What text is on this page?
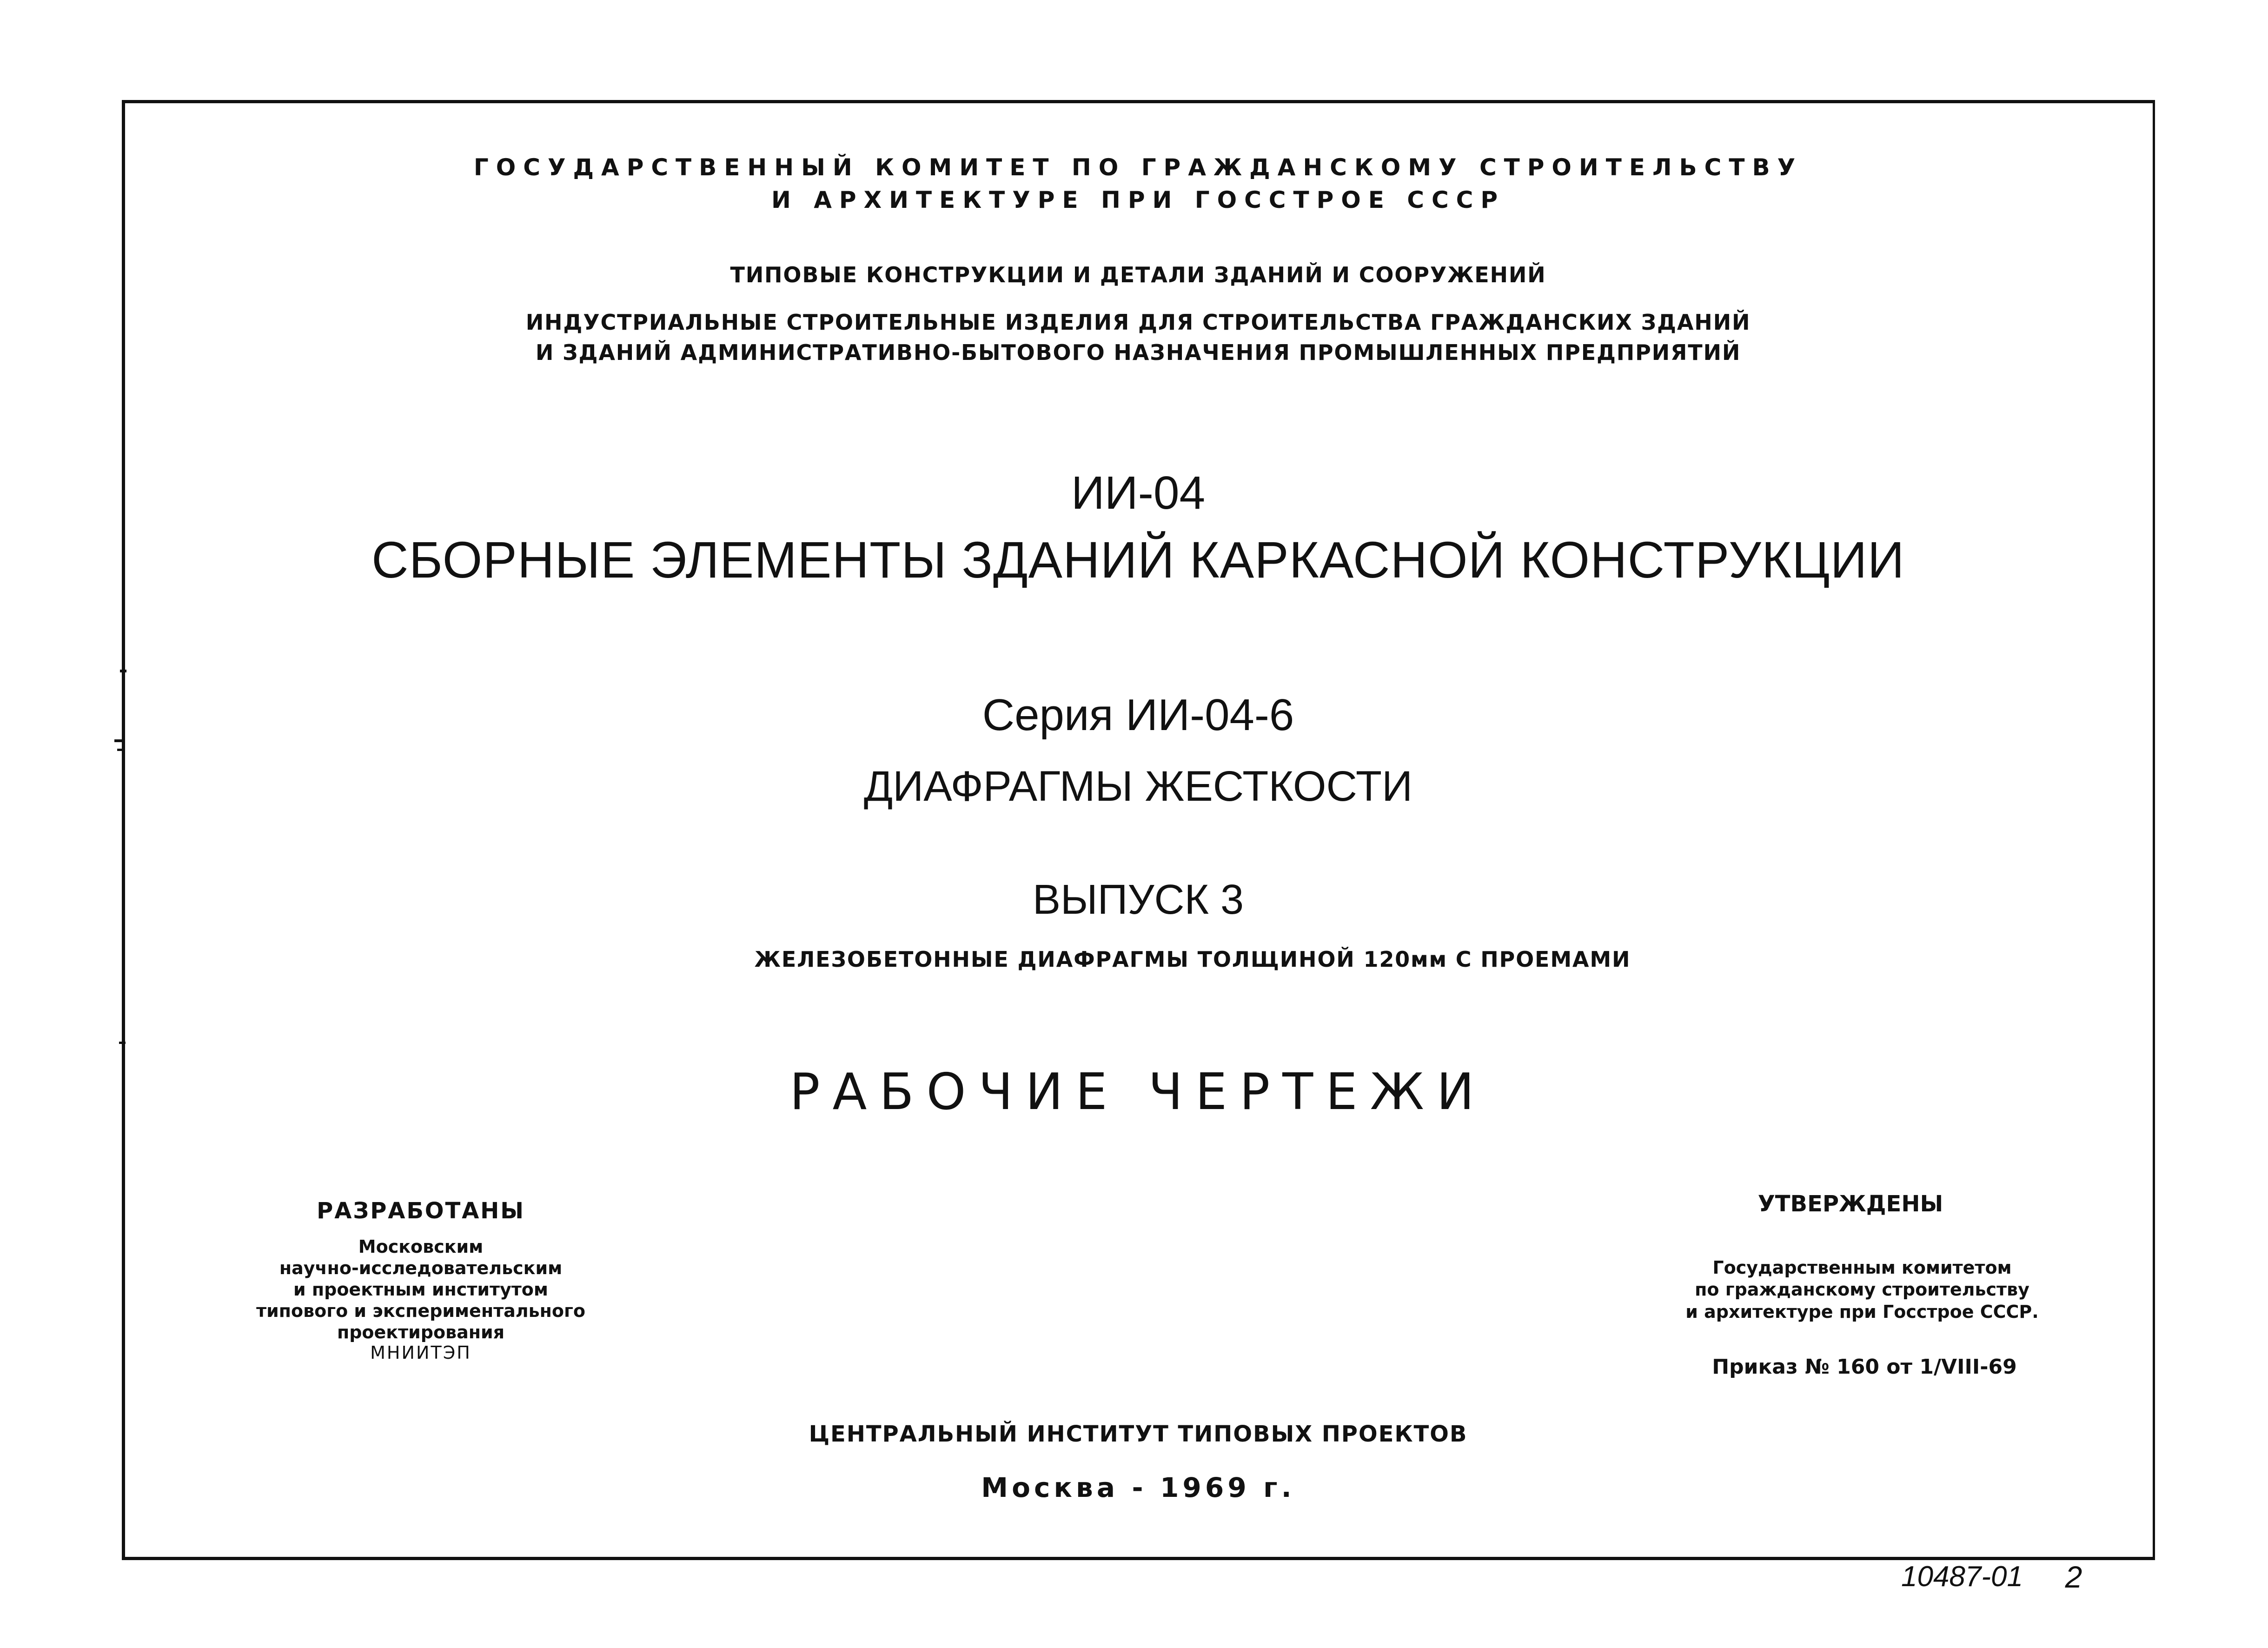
ГОСУДАРСТВЕННЫЙ КОМИТЕТ ПО ГРАЖДАНСКОМУ СТРОИТЕЛЬСТВУ
И АРХИТЕКТУРЕ ПРИ ГОССТРОЕ СССР
ТИПОВЫЕ КОНСТРУКЦИИ И ДЕТАЛИ ЗДАНИЙ И СООРУЖЕНИЙ
ИНДУСТРИАЛЬНЫЕ СТРОИТЕЛЬНЫЕ ИЗДЕЛИЯ ДЛЯ СТРОИТЕЛЬСТВА ГРАЖДАНСКИХ ЗДАНИЙ
И ЗДАНИЙ АДМИНИСТРАТИВНО-БЫТОВОГО НАЗНАЧЕНИЯ ПРОМЫШЛЕННЫХ ПРЕДПРИЯТИЙ
ИИ-04
СБОРНЫЕ ЭЛЕМЕНТЫ ЗДАНИЙ КАРКАСНОЙ КОНСТРУКЦИИ
Серия ИИ-04-6
ДИАФРАГМЫ ЖЕСТКОСТИ
ВЫПУСК 3
ЖЕЛЕЗОБЕТОННЫЕ ДИАФРАГМЫ ТОЛЩИНОЙ 120мм С ПРОЕМАМИ
РАБОЧИЕ ЧЕРТЕЖИ
РАЗРАБОТАНЫ
Московским
научно-исследовательским
и проектным институтом
типового и экспериментального
проектирования
МНИИТЭП
УТВЕРЖДЕНЫ
Государственным комитетом
по гражданскому строительству
и архитектуре при Госстрое СССР.
Приказ № 160 от 1/VIII-69
ЦЕНТРАЛЬНЫЙ ИНСТИТУТ ТИПОВЫХ ПРОЕКТОВ
Москва - 1969 г.
10487-01 2
